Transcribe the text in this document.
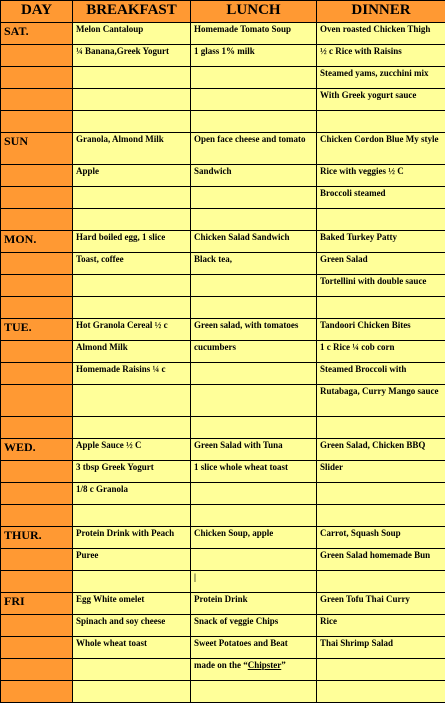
DAY	BREAKFAST	LUNCH	DINNER
SAT.	Melon Cantaloup	Homemade Tomato Soup	Oven roasted Chicken Thigh
	¼ Banana,Greek Yogurt	1 glass 1% milk	½ c Rice with Raisins
			Steamed yams, zucchini mix
			With Greek yogurt sauce

SUN	Granola, Almond Milk	Open face cheese and tomato	Chicken Cordon Blue My style
	Apple	Sandwich	Rice with veggies ½ C
			Broccoli steamed

MON.	Hard boiled egg, 1 slice	Chicken Salad Sandwich	Baked Turkey Patty
	Toast, coffee	Black tea,	Green Salad
			Tortellini with double sauce

TUE.	Hot Granola Cereal ½ c	Green salad, with tomatoes	Tandoori Chicken Bites
	Almond Milk	cucumbers	1 c Rice ¼ cob corn
	Homemade Raisins ¼ c		Steamed Broccoli with
			Rutabaga, Curry Mango sauce

WED.	Apple Sauce ½ C	Green Salad with Tuna	Green Salad, Chicken BBQ
	3 tbsp Greek Yogurt	1 slice whole wheat toast	Slider
	1/8 c Granola		

THUR.	Protein Drink with Peach	Chicken Soup, apple	Carrot, Squash Soup
	Puree		Green Salad homemade Bun
		|	
FRI	Egg White omelet	Protein Drink	Green Tofu Thai Curry
	Spinach and soy cheese	Snack of veggie Chips	Rice
	Whole wheat toast	Sweet Potatoes and Beat	Thai Shrimp Salad
		made on the “Chipster”	
